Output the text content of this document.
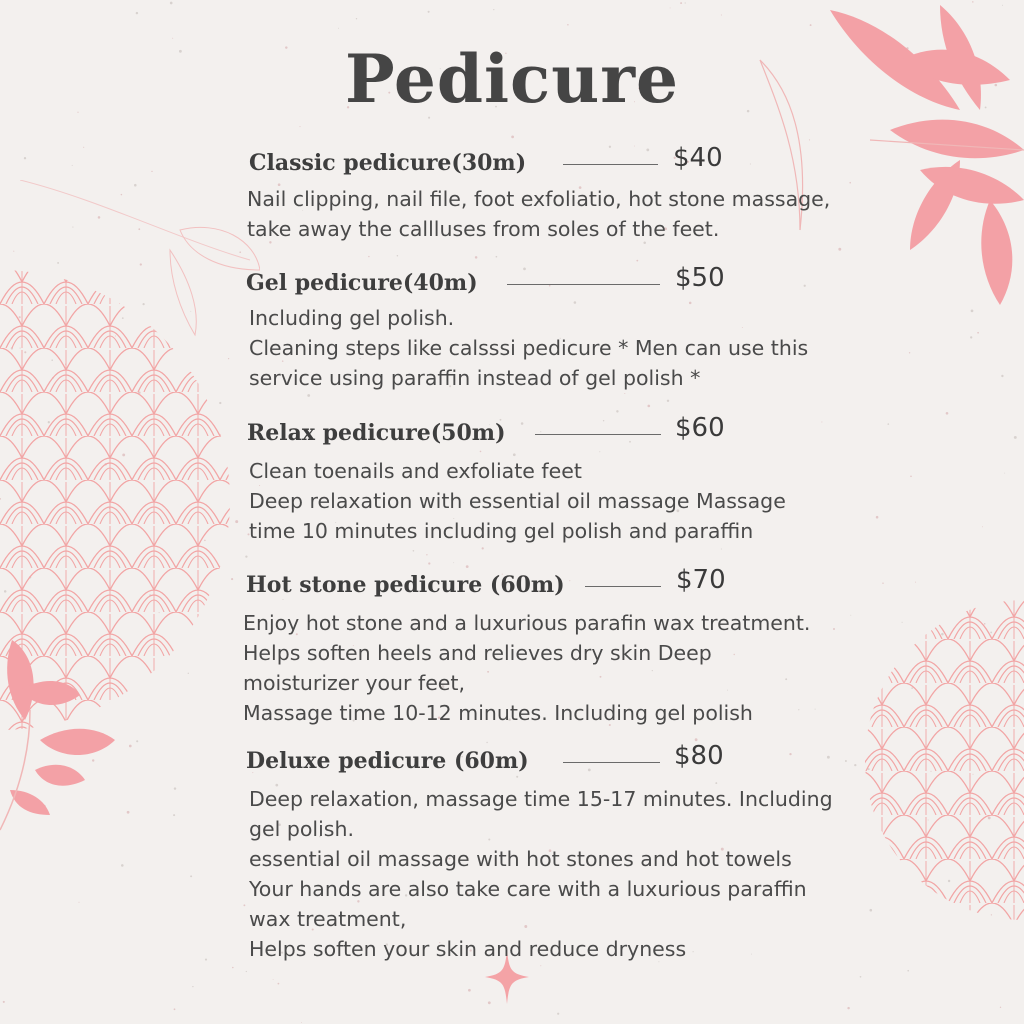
Pedicure
Classic pedicure(30m)	$40
Nail clipping, nail file, foot exfoliatio, hot stone massage,
take away the callluses from soles of the feet.
Gel pedicure(40m)	$50
Including gel polish.
Cleaning steps like calsssi pedicure * Men can use this
service using paraffin instead of gel polish *
Relax pedicure(50m)	$60
Clean toenails and exfoliate feet
Deep relaxation with essential oil massage Massage
time 10 minutes including gel polish and paraffin
Hot stone pedicure (60m)	$70
Enjoy hot stone and a luxurious parafin wax treatment.
Helps soften heels and relieves dry skin Deep
moisturizer your feet,
Massage time 10-12 minutes. Including gel polish
Deluxe pedicure (60m)	$80
Deep relaxation, massage time 15-17 minutes. Including
gel polish.
essential oil massage with hot stones and hot towels
Your hands are also take care with a luxurious paraffin
wax treatment,
Helps soften your skin and reduce dryness
